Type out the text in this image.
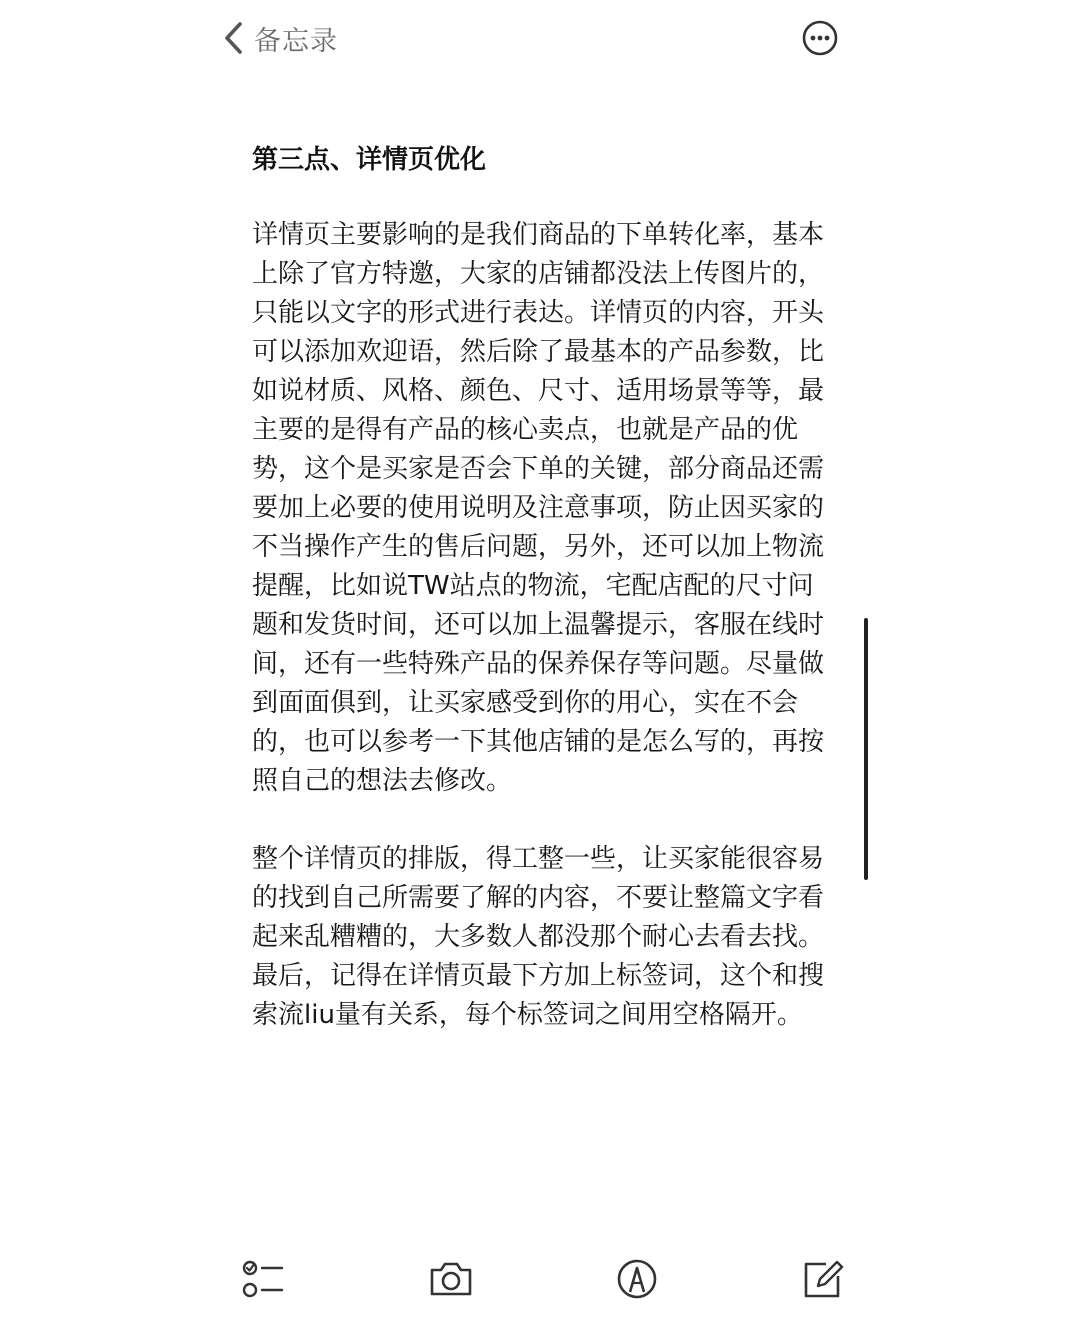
备忘录
第三点、详情页优化

详情页主要影响的是我们商品的下单转化率，基本上除了官方特邀，大家的店铺都没法上传图片的，只能以文字的形式进行表达。详情页的内容，开头可以添加欢迎语，然后除了最基本的产品参数，比如说材质、风格、颜色、尺寸、适用场景等等，最主要的是得有产品的核心卖点，也就是产品的优势，这个是买家是否会下单的关键，部分商品还需要加上必要的使用说明及注意事项，防止因买家的不当操作产生的售后问题，另外，还可以加上物流提醒，比如说TW站点的物流，宅配店配的尺寸问题和发货时间，还可以加上温馨提示，客服在线时间，还有一些特殊产品的保养保存等问题。尽量做到面面俱到，让买家感受到你的用心，实在不会的，也可以参考一下其他店铺的是怎么写的，再按照自己的想法去修改。

整个详情页的排版，得工整一些，让买家能很容易的找到自己所需要了解的内容，不要让整篇文字看起来乱糟糟的，大多数人都没那个耐心去看去找。最后，记得在详情页最下方加上标签词，这个和搜索流liu量有关系，每个标签词之间用空格隔开。
